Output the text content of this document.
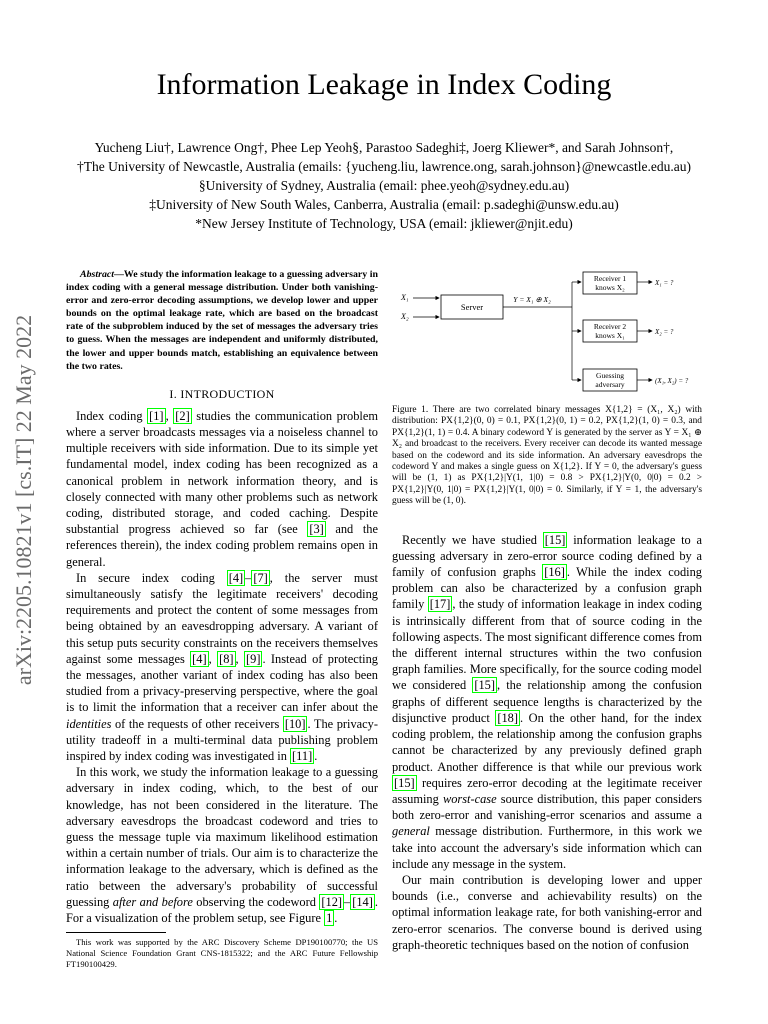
Information Leakage in Index Coding
Yucheng Liu†, Lawrence Ong†, Phee Lep Yeoh§, Parastoo Sadeghi‡, Joerg Kliewer*, and Sarah Johnson†,
†The University of Newcastle, Australia (emails: {yucheng.liu, lawrence.ong, sarah.johnson}@newcastle.edu.au)
§University of Sydney, Australia (email: phee.yeoh@sydney.edu.au)
‡University of New South Wales, Canberra, Australia (email: p.sadeghi@unsw.edu.au)
*New Jersey Institute of Technology, USA (email: jkliewer@njit.edu)
arXiv:2205.10821v1 [cs.IT] 22 May 2022

Abstract—We study the information leakage to a guessing adversary in index coding with a general message distribution. Under both vanishing-error and zero-error decoding assumptions, we develop lower and upper bounds on the optimal leakage rate, which are based on the broadcast rate of the subproblem induced by the set of messages the adversary tries to guess. When the messages are independent and uniformly distributed, the lower and upper bounds match, establishing an equivalence between the two rates.

I. INTRODUCTION

Index coding [1] , [2] studies the communication problem where a server broadcasts messages via a noiseless channel to multiple receivers with side information. Due to its simple yet fundamental model, index coding has been recognized as a canonical problem in network information theory, and is closely connected with many other problems such as network coding, distributed storage, and coded caching. Despite substantial progress achieved so far (see [3] and the references therein), the index coding problem remains open in general.

In secure index coding [4] – [7] , the server must simultaneously satisfy the legitimate receivers' decoding requirements and protect the content of some messages from being obtained by an eavesdropping adversary. A variant of this setup puts security constraints on the receivers themselves against some messages [4] , [8] , [9] . Instead of protecting the messages, another variant of index coding has also been studied from a privacy-preserving perspective, where the goal is to limit the information that a receiver can infer about the identities of the requests of other receivers [10] . The privacy-utility tradeoff in a multi-terminal data publishing problem inspired by index coding was investigated in [11] .

In this work, we study the information leakage to a guessing adversary in index coding, which, to the best of our knowledge, has not been considered in the literature. The adversary eavesdrops the broadcast codeword and tries to guess the message tuple via maximum likelihood estimation within a certain number of trials. Our aim is to characterize the information leakage to the adversary, which is defined as the ratio between the adversary's probability of successful guessing after and before observing the codeword [12] – [14] . For a visualization of the problem setup, see Figure 1 .

This work was supported by the ARC Discovery Scheme DP190100770; the US National Science Foundation Grant CNS-1815322; and the ARC Future Fellowship FT190100429.

X₁
X₂
Server
Y = X₁ ⊕ X₂
Receiver 1
knows X₂	X₁ = ?
Receiver 2
knows X₁	X₂ = ?
Guessing
adversary	(X₁, X₂) = ?

Figure 1. There are two correlated binary messages X{1,2} = (X₁, X₂) with distribution: PX{1,2}(0, 0) = 0.1, PX{1,2}(0, 1) = 0.2, PX{1,2}(1, 0) = 0.3, and PX{1,2}(1, 1) = 0.4. A binary codeword Y is generated by the server as Y = X₁ ⊕ X₂ and broadcast to the receivers. Every receiver can decode its wanted message based on the codeword and its side information. An adversary eavesdrops the codeword Y and makes a single guess on X{1,2}. If Y = 0, the adversary's guess will be (1, 1) as PX{1,2}|Y(1, 1|0) = 0.8 > PX{1,2}|Y(0, 0|0) = 0.2 > PX{1,2}|Y(0, 1|0) = PX{1,2}|Y(1, 0|0) = 0. Similarly, if Y = 1, the adversary's guess will be (1, 0).

Recently we have studied [15] information leakage to a guessing adversary in zero-error source coding defined by a family of confusion graphs [16] . While the index coding problem can also be characterized by a confusion graph family [17] , the study of information leakage in index coding is intrinsically different from that of source coding in the following aspects. The most significant difference comes from the different internal structures within the two confusion graph families. More specifically, for the source coding model we considered [15] , the relationship among the confusion graphs of different sequence lengths is characterized by the disjunctive product [18] . On the other hand, for the index coding problem, the relationship among the confusion graphs cannot be characterized by any previously defined graph product. Another difference is that while our previous work [15] requires zero-error decoding at the legitimate receiver assuming worst-case source distribution, this paper considers both zero-error and vanishing-error scenarios and assume a general message distribution. Furthermore, in this work we take into account the adversary's side information which can include any message in the system.

Our main contribution is developing lower and upper bounds (i.e., converse and achievability results) on the optimal information leakage rate, for both vanishing-error and zero-error scenarios. The converse bound is derived using graph-theoretic techniques based on the notion of confusion
